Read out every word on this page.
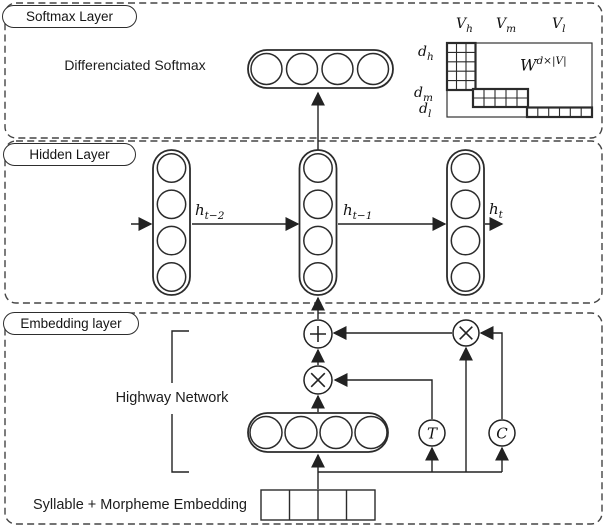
T	C
Softmax Layer
Hidden Layer
Embedding layer
Differenciated Softmax
$V_h$ $V_m$	$V_l$
$d_h$
$d_m$
$d_l$
$W^{d\times|V|}$
$h_{t-2}$	$h_{t-1}$	$h_t$
Highway Network
Syllable + Morpheme Embedding
